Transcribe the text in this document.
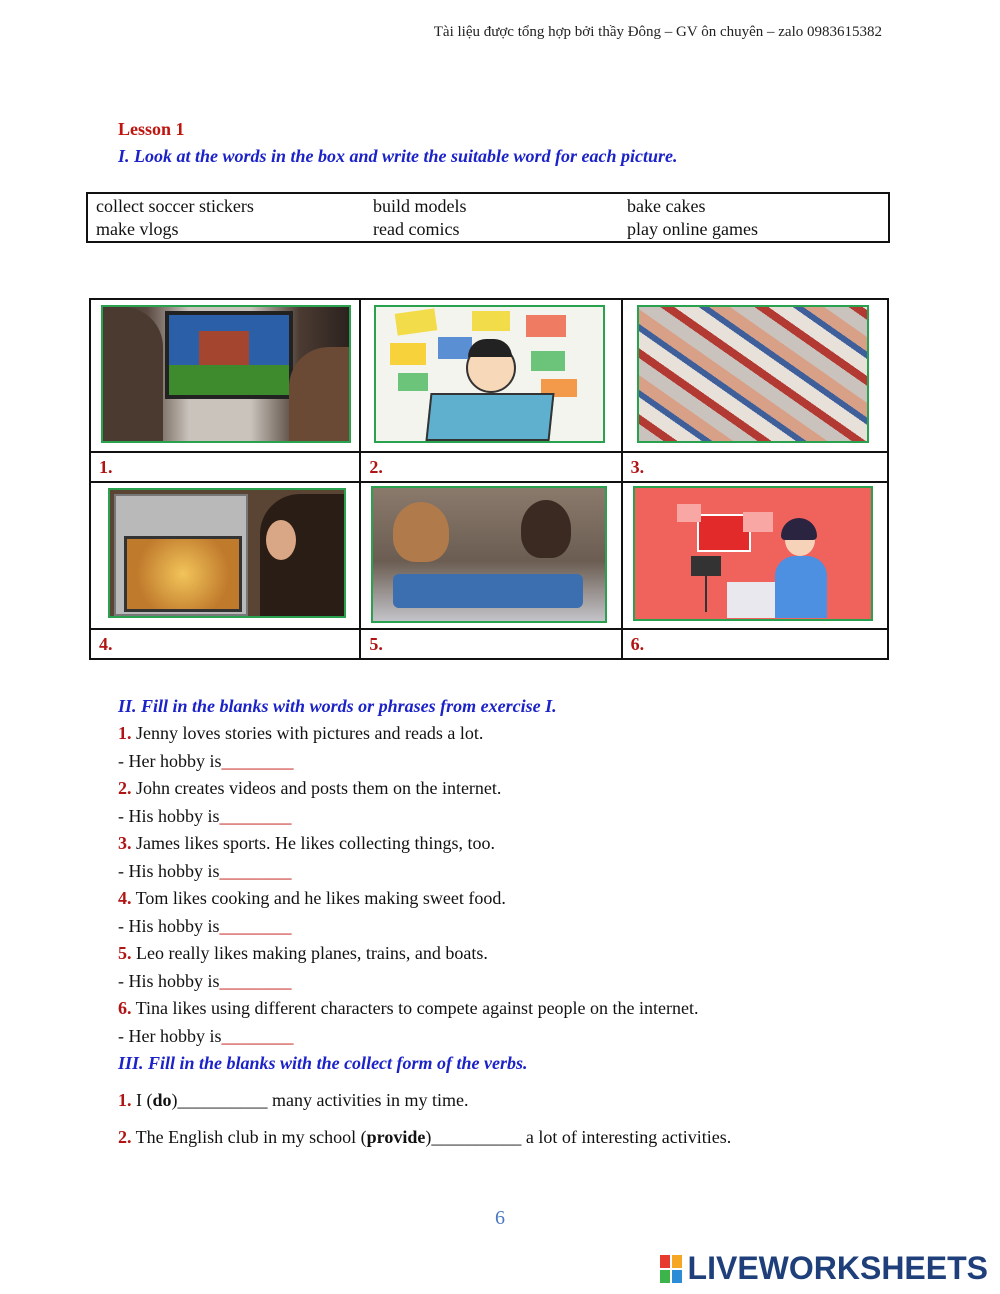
Tài liệu được tổng hợp bởi thầy Đông – GV ôn chuyên – zalo 0983615382
Lesson 1
I. Look at the words in the box and write the suitable word for each picture.
collect soccer stickers	build models	bake cakes
make vlogs	read comics	play online games

1.	2.	3.

4.	5.	6.
II. Fill in the blanks with words or phrases from exercise I.
1. Jenny loves stories with pictures and reads a lot.
- Her hobby is________
2. John creates videos and posts them on the internet.
- His hobby is________
3. James likes sports. He likes collecting things, too.
- His hobby is________
4. Tom likes cooking and he likes making sweet food.
- His hobby is________
5. Leo really likes making planes, trains, and boats.
- His hobby is________
6. Tina likes using different characters to compete against people on the internet.
- Her hobby is________
III. Fill in the blanks with the collect form of the verbs.
1. I (do)__________ many activities in my time.
2. The English club in my school (provide)__________ a lot of interesting activities.
6
LIVEWORKSHEETS
